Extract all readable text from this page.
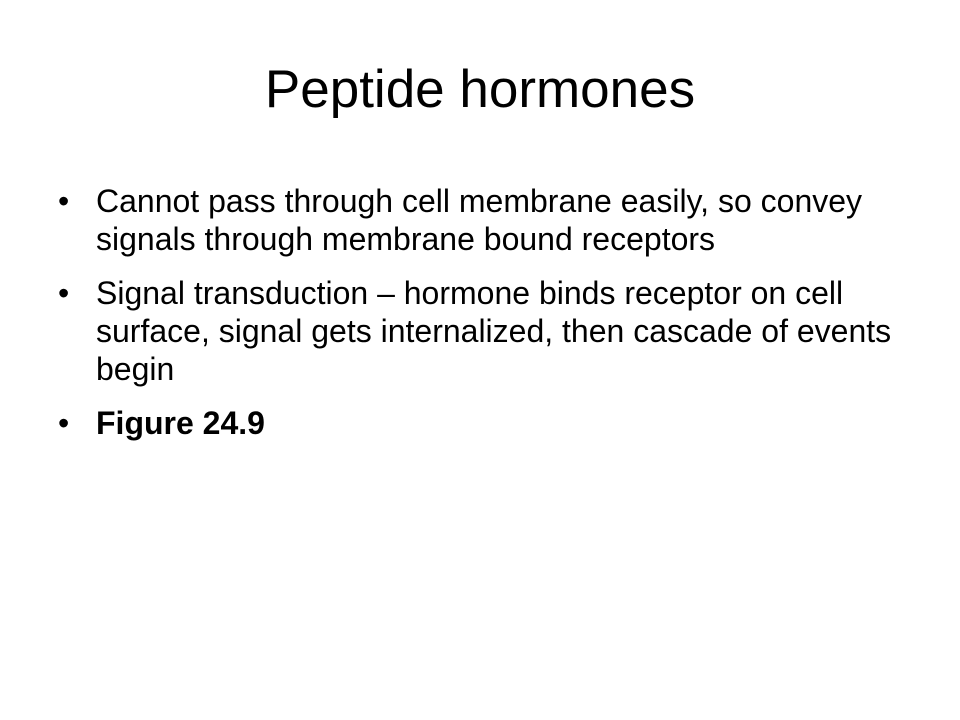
Peptide hormones
• Cannot pass through cell membrane easily, so convey signals through membrane bound receptors
• Signal transduction – hormone binds receptor on cell surface, signal gets internalized, then cascade of events begin
• Figure 24.9
